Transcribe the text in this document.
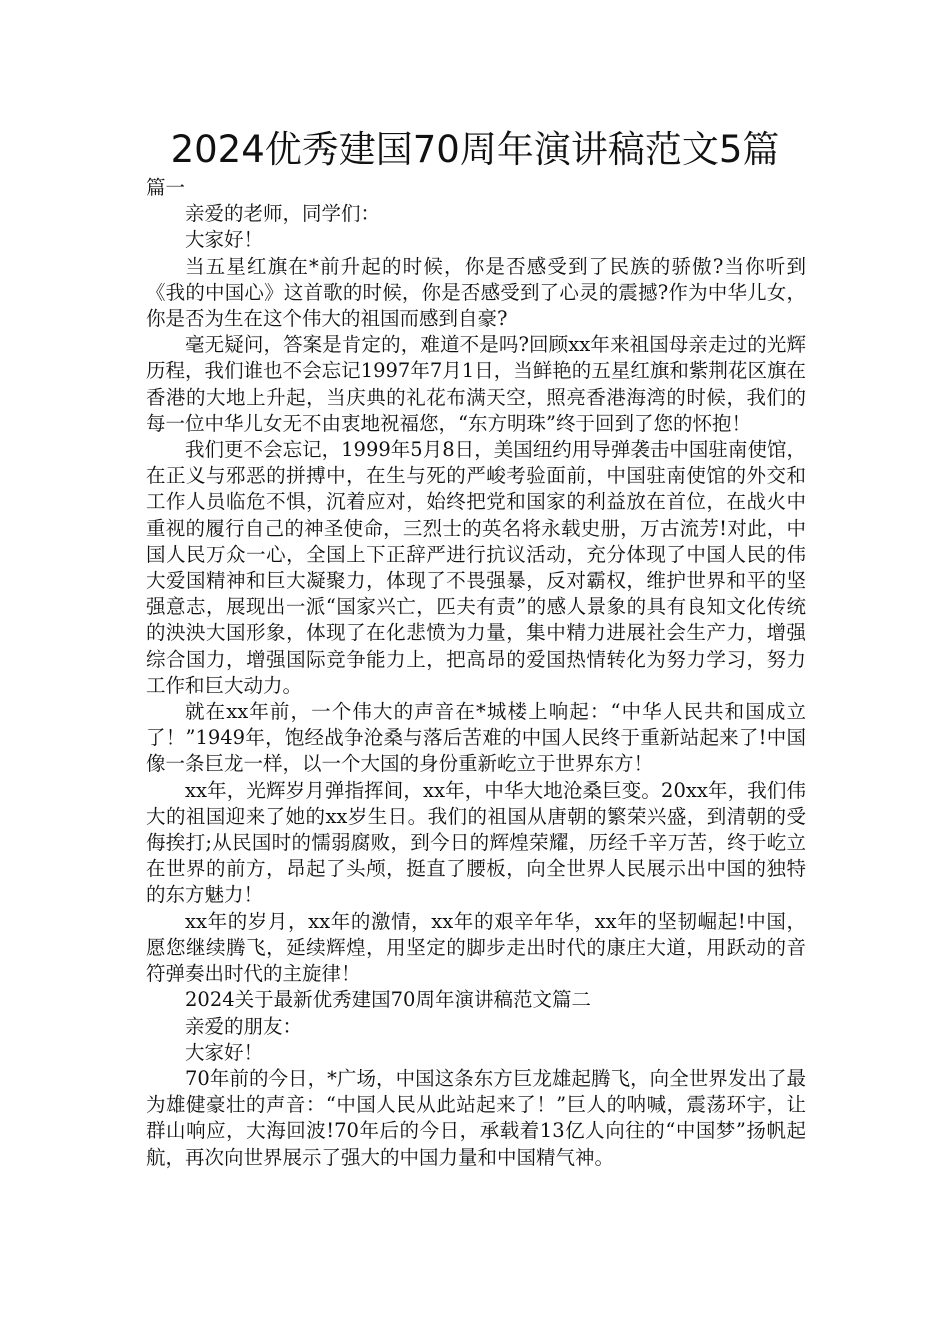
2024优秀建国70周年演讲稿范文5篇

篇一

亲爱的老师，同学们：

大家好！

当五星红旗在*前升起的时候，你是否感受到了民族的骄傲?当你听到《我的中国心》这首歌的时候，你是否感受到了心灵的震撼?作为中华儿女，你是否为生在这个伟大的祖国而感到自豪?

毫无疑问，答案是肯定的，难道不是吗?回顾xx年来祖国母亲走过的光辉历程，我们谁也不会忘记1997年7月1日，当鲜艳的五星红旗和紫荆花区旗在香港的大地上升起，当庆典的礼花布满天空，照亮香港海湾的时候，我们的每一位中华儿女无不由衷地祝福您，“东方明珠”终于回到了您的怀抱！

我们更不会忘记，1999年5月8日，美国纽约用导弹袭击中国驻南使馆，在正义与邪恶的拼搏中，在生与死的严峻考验面前，中国驻南使馆的外交和工作人员临危不惧，沉着应对，始终把党和国家的利益放在首位，在战火中重视的履行自己的神圣使命，三烈士的英名将永载史册，万古流芳!对此，中国人民万众一心，全国上下正辞严进行抗议活动，充分体现了中国人民的伟大爱国精神和巨大凝聚力，体现了不畏强暴，反对霸权，维护世界和平的坚强意志，展现出一派“国家兴亡，匹夫有责”的感人景象的具有良知文化传统的泱泱大国形象，体现了在化悲愤为力量，集中精力进展社会生产力，增强综合国力，增强国际竞争能力上，把高昂的爱国热情转化为努力学习，努力工作和巨大动力。

就在xx年前，一个伟大的声音在*城楼上响起：“中华人民共和国成立了！”1949年，饱经战争沧桑与落后苦难的中国人民终于重新站起来了!中国像一条巨龙一样，以一个大国的身份重新屹立于世界东方！

xx年，光辉岁月弹指挥间，xx年，中华大地沧桑巨变。20xx年，我们伟大的祖国迎来了她的xx岁生日。我们的祖国从唐朝的繁荣兴盛，到清朝的受侮挨打;从民国时的懦弱腐败，到今日的辉煌荣耀，历经千辛万苦，终于屹立在世界的前方，昂起了头颅，挺直了腰板，向全世界人民展示出中国的独特的东方魅力！

xx年的岁月，xx年的激情，xx年的艰辛年华，xx年的坚韧崛起!中国，愿您继续腾飞，延续辉煌，用坚定的脚步走出时代的康庄大道，用跃动的音符弹奏出时代的主旋律！

2024关于最新优秀建国70周年演讲稿范文篇二

亲爱的朋友：

大家好！

70年前的今日，*广场，中国这条东方巨龙雄起腾飞，向全世界发出了最为雄健豪壮的声音：“中国人民从此站起来了！”巨人的呐喊，震荡环宇，让群山响应，大海回波!70年后的今日，承载着13亿人向往的“中国梦”扬帆起航，再次向世界展示了强大的中国力量和中国精气神。
